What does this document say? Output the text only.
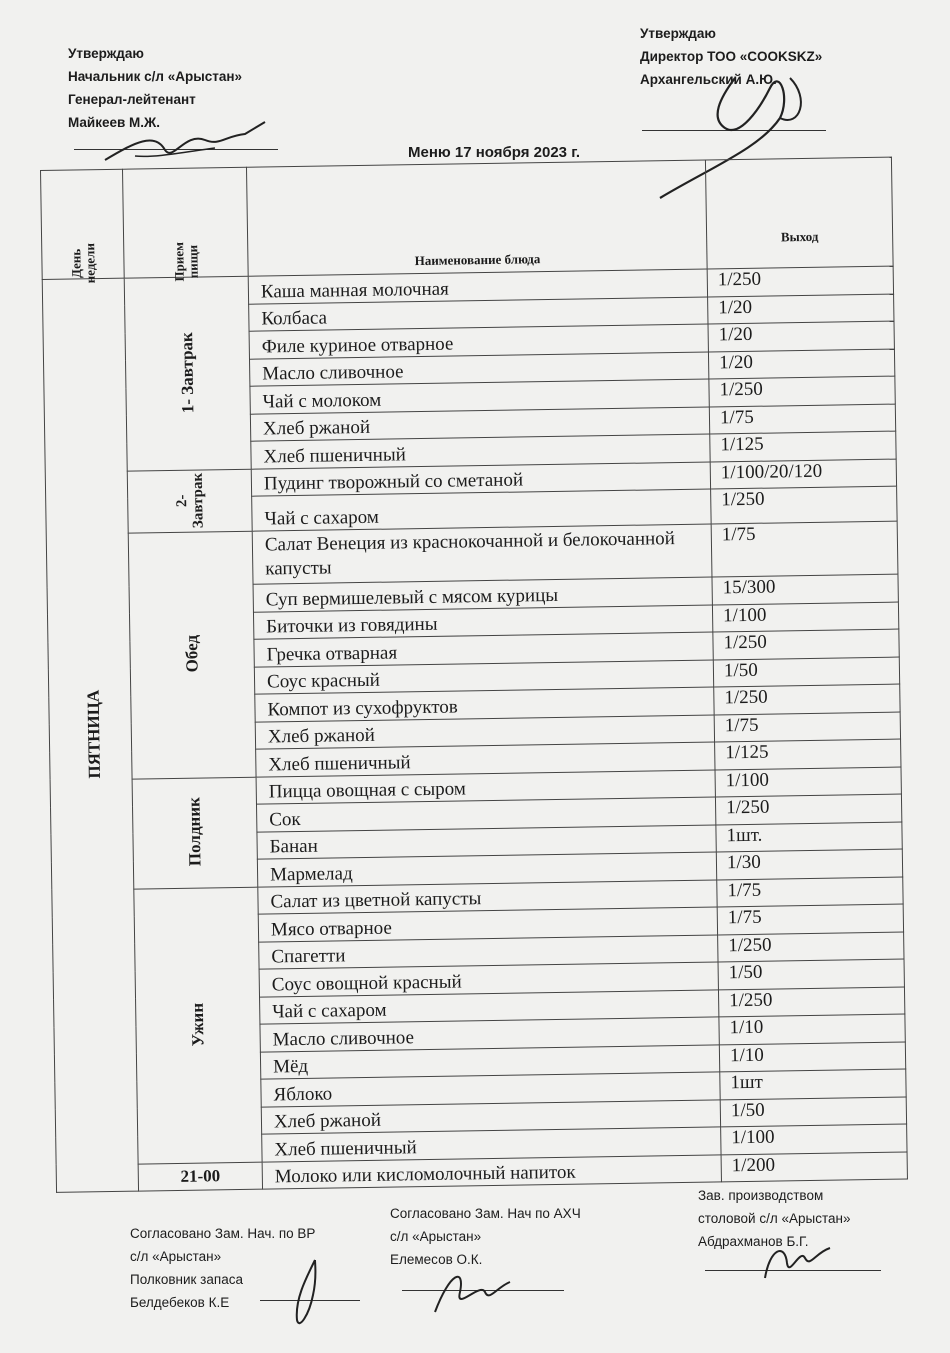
Утверждаю
Начальник с/л «Арыстан»
Генерал-лейтенант
Майкеев М.Ж.
Утверждаю
Директор ТОО «COOKSKZ»
Архангельский А.Ю.
Меню 17 ноября 2023 г.
День недели	Прием пищи	Наименование блюда	Выход
ПЯТНИЦА	1- Завтрак	Каша манная молочная	1/250
		Колбаса	1/20
		Филе куриное отварное	1/20
		Масло сливочное	1/20
		Чай с молоком	1/250
		Хлеб ржаной	1/75
		Хлеб пшеничный	1/125
	2- Завтрак	Пудинг творожный со сметаной	1/100/20/120
		Чай с сахаром	1/250
	Обед	Салат Венеция из краснокочанной и белокочанной капусты	1/75
		Суп вермишелевый с мясом курицы	15/300
		Биточки из говядины	1/100
		Гречка отварная	1/250
		Соус красный	1/50
		Компот из сухофруктов	1/250
		Хлеб ржаной	1/75
		Хлеб пшеничный	1/125
	Полдник	Пицца овощная с сыром	1/100
		Сок	1/250
		Банан	1шт.
		Мармелад	1/30
	Ужин	Салат из цветной капусты	1/75
		Мясо отварное	1/75
		Спагетти	1/250
		Соус овощной красный	1/50
		Чай с сахаром	1/250
		Масло сливочное	1/10
		Мёд	1/10
		Яблоко	1шт
		Хлеб ржаной	1/50
		Хлеб пшеничный	1/100
	21-00	Молоко или кисломолочный напиток	1/200
Согласовано Зам. Нач. по ВР
с/л «Арыстан»
Полковник запаса
Белдебеков К.Е
Согласовано Зам. Нач по АХЧ
с/л «Арыстан»
Елемесов О.К.
Зав. производством
столовой с/л «Арыстан»
Абдрахманов Б.Г.
